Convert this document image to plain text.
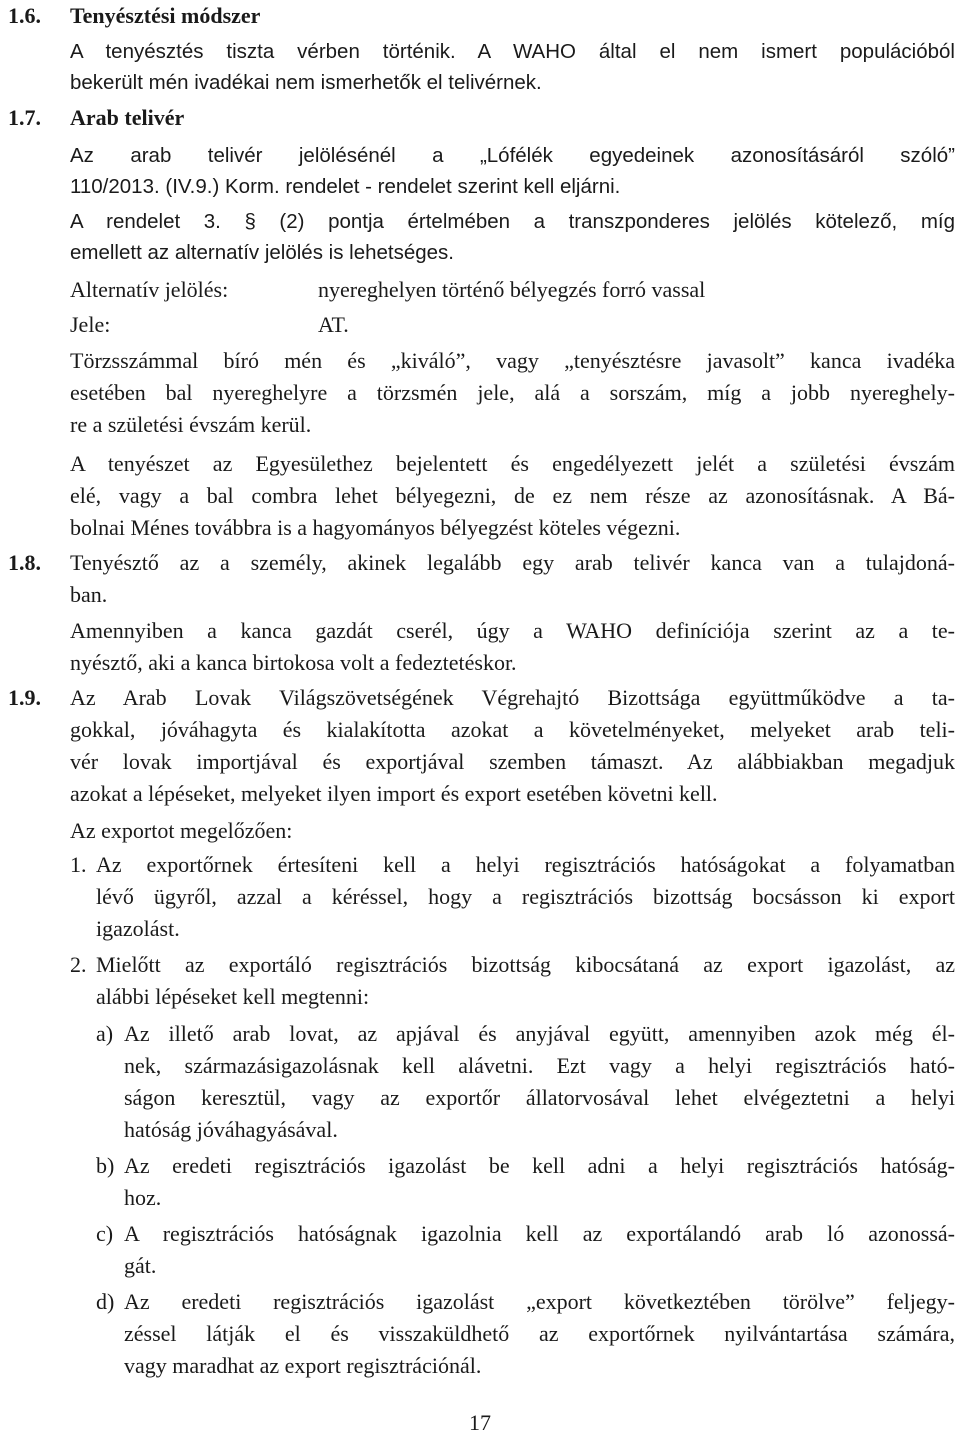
1.6. Tenyésztési módszer
A tenyésztés tiszta vérben történik. A WAHO által el nem ismert populációból
bekerült mén ivadékai nem ismerhetők el telivérnek.
1.7. Arab telivér
Az arab telivér jelölésénél a „Lófélék egyedeinek azonosításáról szóló”
110/2013. (IV.9.) Korm. rendelet - rendelet szerint kell eljárni.
A rendelet 3. § (2) pontja értelmében a transzponderes jelölés kötelező, míg
emellett az alternatív jelölés is lehetséges.
Alternatív jelölés:	nyereghelyen történő bélyegzés forró vassal
Jele:	AT.
Törzsszámmal bíró mén és „kiváló”, vagy „tenyésztésre javasolt” kanca ivadéka
esetében bal nyereghelyre a törzsmén jele, alá a sorszám, míg a jobb nyereghely-
re a születési évszám kerül.
A tenyészet az Egyesülethez bejelentett és engedélyezett jelét a születési évszám
elé, vagy a bal combra lehet bélyegezni, de ez nem része az azonosításnak. A Bá-
bolnai Ménes továbbra is a hagyományos bélyegzést köteles végezni.
1.8. Tenyésztő az a személy, akinek legalább egy arab telivér kanca van a tulajdoná-
ban.
Amennyiben a kanca gazdát cserél, úgy a WAHO definíciója szerint az a te-
nyésztő, aki a kanca birtokosa volt a fedeztetéskor.
1.9. Az Arab Lovak Világszövetségének Végrehajtó Bizottsága együttműködve a ta-
gokkal, jóváhagyta és kialakította azokat a követelményeket, melyeket arab teli-
vér lovak importjával és exportjával szemben támaszt. Az alábbiakban megadjuk
azokat a lépéseket, melyeket ilyen import és export esetében követni kell.
Az exportot megelőzően:
1. Az exportőrnek értesíteni kell a helyi regisztrációs hatóságokat a folyamatban
lévő ügyről, azzal a kéréssel, hogy a regisztrációs bizottság bocsásson ki export
igazolást.
2. Mielőtt az exportáló regisztrációs bizottság kibocsátaná az export igazolást, az
alábbi lépéseket kell megtenni:
a) Az illető arab lovat, az apjával és anyjával együtt, amennyiben azok még él-
nek, származásigazolásnak kell alávetni. Ezt vagy a helyi regisztrációs ható-
ságon keresztül, vagy az exportőr állatorvosával lehet elvégeztetni a helyi
hatóság jóváhagyásával.
b) Az eredeti regisztrációs igazolást be kell adni a helyi regisztrációs hatóság-
hoz.
c) A regisztrációs hatóságnak igazolnia kell az exportálandó arab ló azonossá-
gát.
d) Az eredeti regisztrációs igazolást „export következtében törölve” feljegy-
zéssel látják el és visszaküldhető az exportőrnek nyilvántartása számára,
vagy maradhat az export regisztrációnál.
17
